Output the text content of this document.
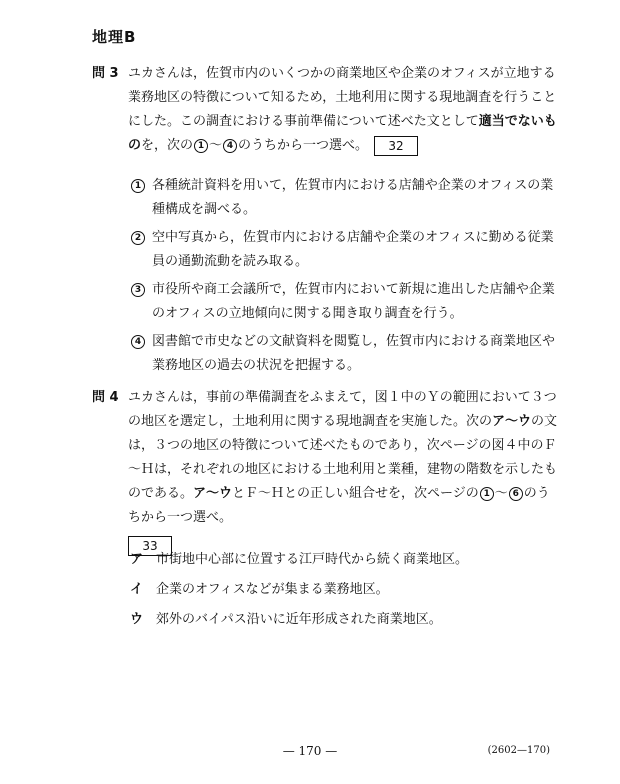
地理B
問 3 ユカさんは，佐賀市内のいくつかの商業地区や企業のオフィスが立地する業務地区の特徴について知るため，土地利用に関する現地調査を行うことにした。この調査における事前準備について述べた文として適当でないものを，次の 1 ～ 4 のうちから一つ選べ。 32
1 各種統計資料を用いて，佐賀市内における店舗や企業のオフィスの業種構成を調べる。
2 空中写真から，佐賀市内における店舗や企業のオフィスに勤める従業員の通勤流動を読み取る。
3 市役所や商工会議所で，佐賀市内において新規に進出した店舗や企業のオフィスの立地傾向に関する聞き取り調査を行う。
4 図書館で市史などの文献資料を閲覧し，佐賀市内における商業地区や業務地区の過去の状況を把握する。
問 4 ユカさんは，事前の準備調査をふまえて，図１中のＹの範囲において３つの地区を選定し，土地利用に関する現地調査を実施した。次のア～ウの文は，３つの地区の特徴について述べたものであり，次ページの図４中のＦ～Ｈは，それぞれの地区における土地利用と業種，建物の階数を示したものである。ア～ウとＦ～Ｈとの正しい組合せを，次ページの 1 ～ 6 のうちから一つ選べ。
33
ア 市街地中心部に位置する江戸時代から続く商業地区。
イ 企業のオフィスなどが集まる業務地区。
ウ 郊外のバイパス沿いに近年形成された商業地区。
— 170 —	(2602—170)
